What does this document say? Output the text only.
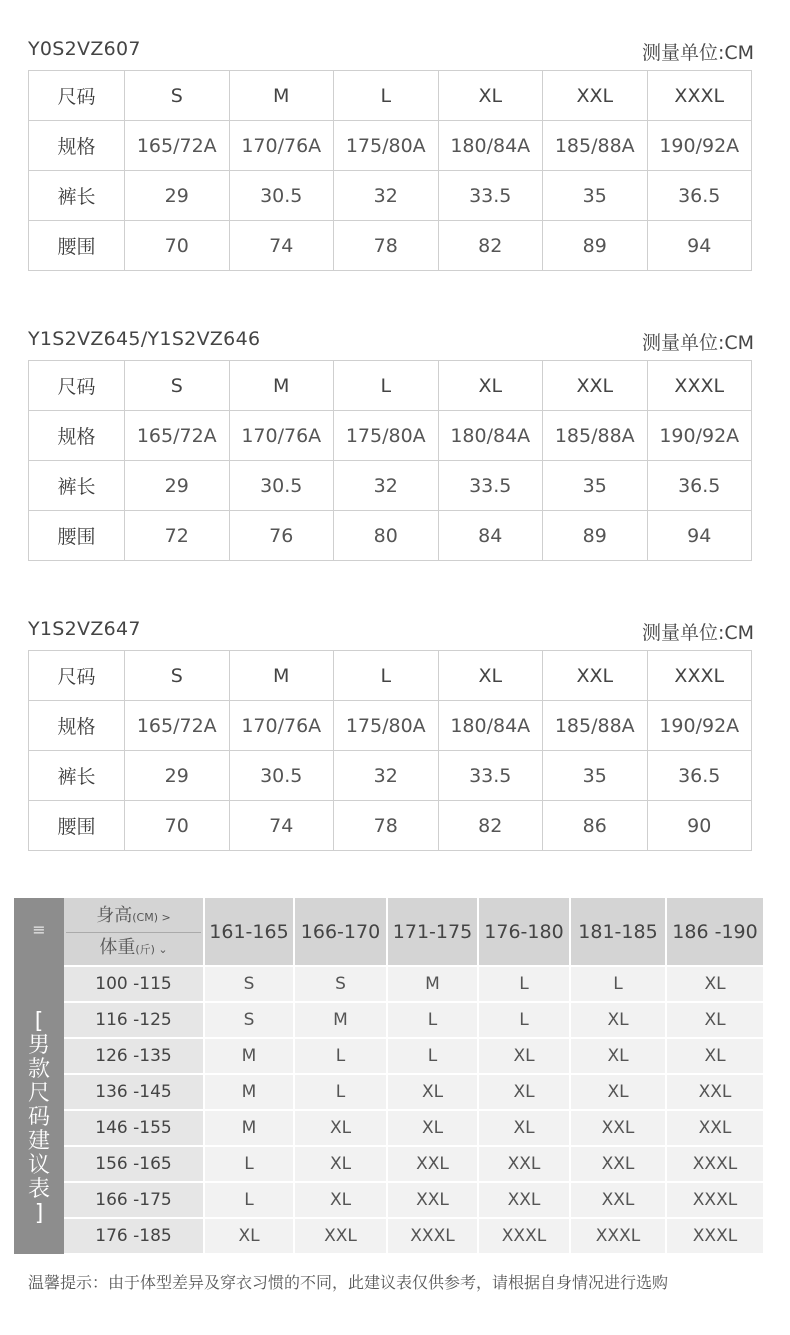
Y0S2VZ607	测量单位:CM
尺码	S	M	L	XL	XXL	XXXL
规格	165/72A	170/76A	175/80A	180/84A	185/88A	190/92A
裤长	29	30.5	32	33.5	35	36.5
腰围	70	74	78	82	89	94
Y1S2VZ645/Y1S2VZ646	测量单位:CM
尺码	S	M	L	XL	XXL	XXXL
规格	165/72A	170/76A	175/80A	180/84A	185/88A	190/92A
裤长	29	30.5	32	33.5	35	36.5
腰围	72	76	80	84	89	94
Y1S2VZ647	测量单位:CM
尺码	S	M	L	XL	XXL	XXXL
规格	165/72A	170/76A	175/80A	180/84A	185/88A	190/92A
裤长	29	30.5	32	33.5	35	36.5
腰围	70	74	78	82	86	90
≡
[
男
款
尺
码
建
议
表
]
身高(CM) >
体重(斤) ⌄	161-165	166-170	171-175	176-180	181-185	186 -190
100 -115	S	S	M	L	L	XL
116 -125	S	M	L	L	XL	XL
126 -135	M	L	L	XL	XL	XL
136 -145	M	L	XL	XL	XL	XXL
146 -155	M	XL	XL	XL	XXL	XXL
156 -165	L	XL	XXL	XXL	XXL	XXXL
166 -175	L	XL	XXL	XXL	XXL	XXXL
176 -185	XL	XXL	XXXL	XXXL	XXXL	XXXL
温馨提示：由于体型差异及穿衣习惯的不同，此建议表仅供参考，请根据自身情况进行选购
